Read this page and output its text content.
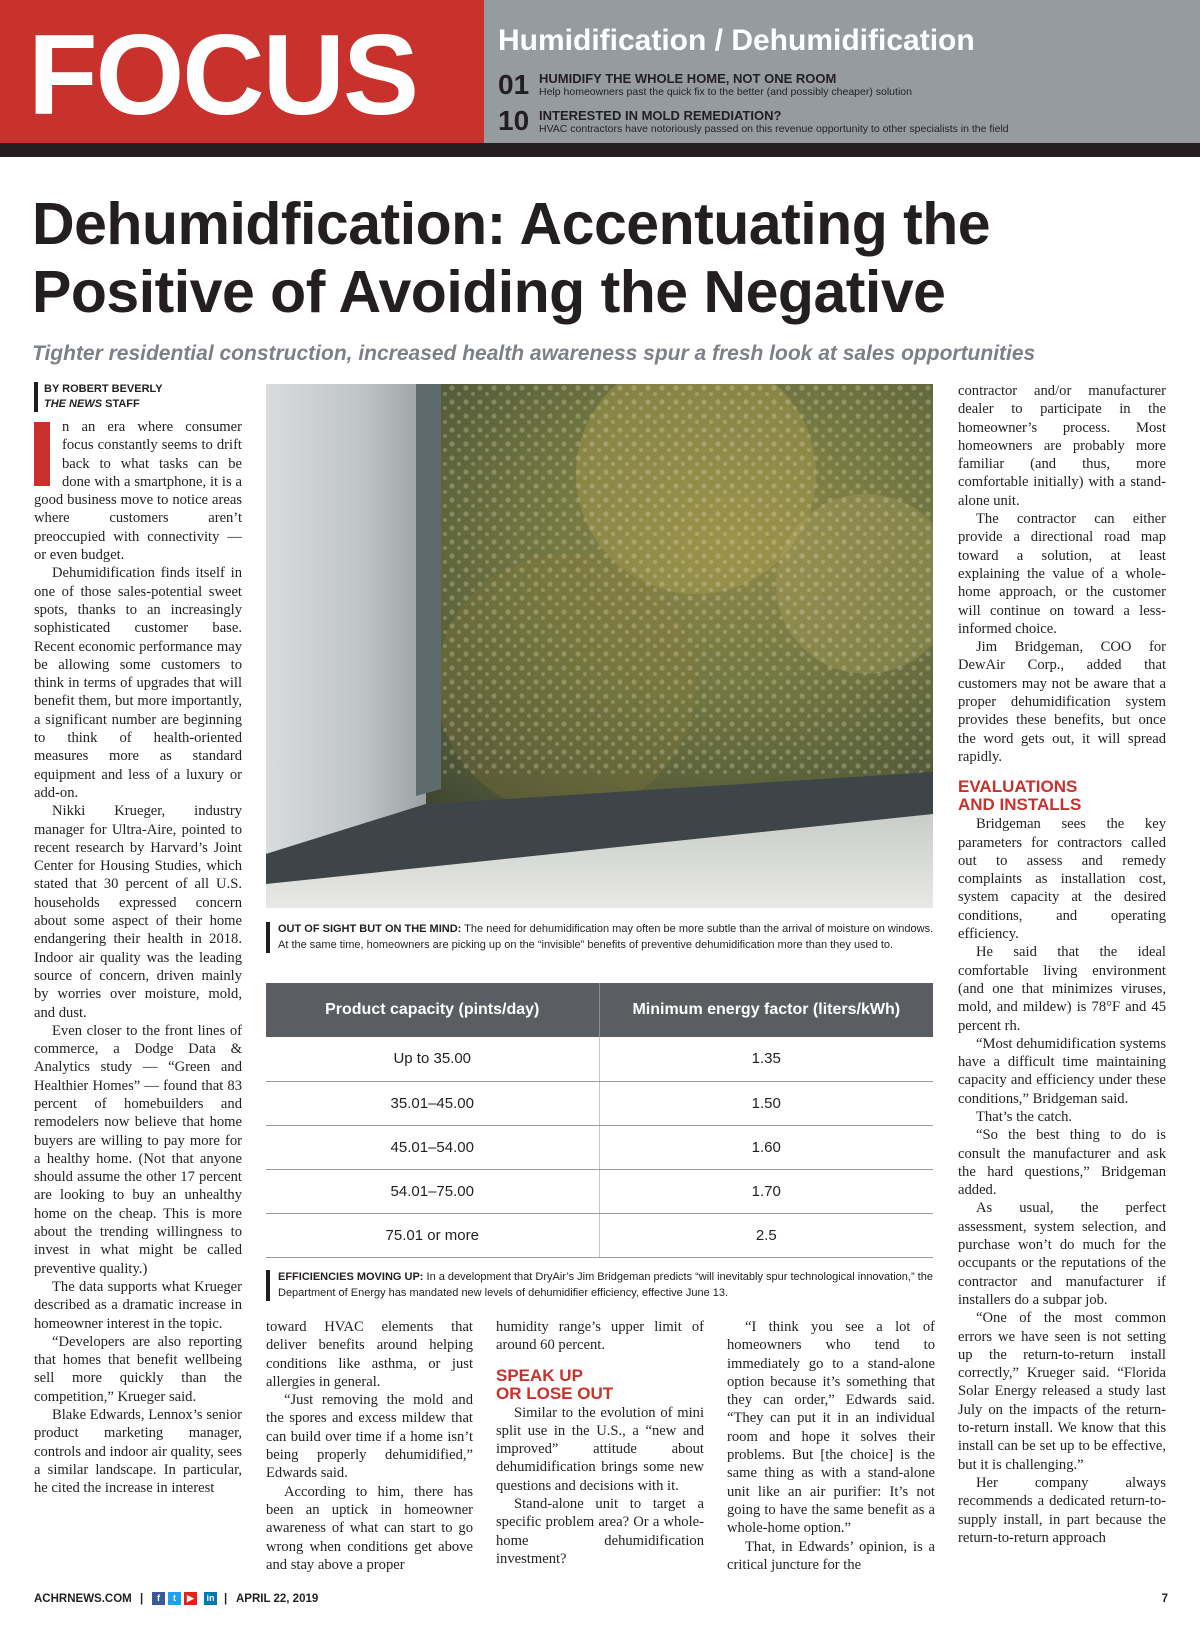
FOCUS	Humidification / Dehumidification
01 HUMIDIFY THE WHOLE HOME, NOT ONE ROOM
Help homeowners past the quick fix to the better (and possibly cheaper) solution
10 INTERESTED IN MOLD REMEDIATION?
HVAC contractors have notoriously passed on this revenue opportunity to other specialists in the field
Dehumidfication: Accentuating the
Positive of Avoiding the Negative
Tighter residential construction, increased health awareness spur a fresh look at sales opportunities
BY ROBERT BEVERLY
THE NEWS STAFF

n an era where consumer focus constantly seems to drift back to what tasks can be done with a smartphone, it is a good business move to notice areas where customers aren’t preoccupied with connectivity — or even budget.

Dehumidification finds itself in one of those sales-potential sweet spots, thanks to an increasingly sophisticated customer base. Recent economic performance may be allowing some customers to think in terms of upgrades that will benefit them, but more importantly, a significant number are beginning to think of health-oriented measures more as standard equipment and less of a luxury or add-on.

Nikki Krueger, industry manager for Ultra-Aire, pointed to recent research by Harvard’s Joint Center for Housing Studies, which stated that 30 percent of all U.S. households expressed concern about some aspect of their home endangering their health in 2018. Indoor air quality was the leading source of concern, driven mainly by worries over moisture, mold, and dust.

Even closer to the front lines of commerce, a Dodge Data & Analytics study — “Green and Healthier Homes” — found that 83 percent of homebuilders and remodelers now believe that home buyers are willing to pay more for a healthy home. (Not that anyone should assume the other 17 percent are looking to buy an unhealthy home on the cheap. This is more about the trending willingness to invest in what might be called preventive quality.)

The data supports what Krueger described as a dramatic increase in homeowner interest in the topic.

“Developers are also reporting that homes that benefit wellbeing sell more quickly than the competition,” Krueger said.

Blake Edwards, Lennox’s senior product marketing manager, controls and indoor air quality, sees a similar landscape. In particular, he cited the increase in interest

OUT OF SIGHT BUT ON THE MIND: The need for dehumidification may often be more subtle than the arrival of moisture on windows. At the same time, homeowners are picking up on the “invisible” benefits of preventive dehumidification more than they used to.
Product capacity (pints/day)	Minimum energy factor (liters/kWh)
Up to 35.00	1.35
35.01–45.00	1.50
45.01–54.00	1.60
54.01–75.00	1.70
75.01 or more	2.5
EFFICIENCIES MOVING UP: In a development that DryAir’s Jim Bridgeman predicts “will inevitably spur technological innovation,” the Department of Energy has mandated new levels of dehumidifier efficiency, effective June 13.

toward HVAC elements that deliver benefits around helping conditions like asthma, or just allergies in general.

“Just removing the mold and the spores and excess mildew that can build over time if a home isn’t being properly dehumidified,” Edwards said.

According to him, there has been an uptick in homeowner awareness of what can start to go wrong when conditions get above and stay above a proper

humidity range’s upper limit of around 60 percent.

SPEAK UP
OR LOSE OUT

Similar to the evolution of mini split use in the U.S., a “new and improved” attitude about dehumidification brings some new questions and decisions with it.

Stand-alone unit to target a specific problem area? Or a whole-home dehumidification investment?

“I think you see a lot of homeowners who tend to immediately go to a stand-alone option because it’s something that they can order,” Edwards said. “They can put it in an individual room and hope it solves their problems. But [the choice] is the same thing as with a stand-alone unit like an air purifier: It’s not going to have the same benefit as a whole-home option.”

That, in Edwards’ opinion, is a critical juncture for the

contractor and/or manufacturer dealer to participate in the homeowner’s process. Most homeowners are probably more familiar (and thus, more comfortable initially) with a stand-alone unit.

The contractor can either provide a directional road map toward a solution, at least explaining the value of a whole-home approach, or the customer will continue on toward a less-informed choice.

Jim Bridgeman, COO for DewAir Corp., added that customers may not be aware that a proper dehumidification system provides these benefits, but once the word gets out, it will spread rapidly.

EVALUATIONS
AND INSTALLS

Bridgeman sees the key parameters for contractors called out to assess and remedy complaints as installation cost, system capacity at the desired conditions, and operating efficiency.

He said that the ideal comfortable living environment (and one that minimizes viruses, mold, and mildew) is 78°F and 45 percent rh.

“Most dehumidification systems have a difficult time maintaining capacity and efficiency under these conditions,” Bridgeman said.

That’s the catch.

“So the best thing to do is consult the manufacturer and ask the hard questions,” Bridgeman added.

As usual, the perfect assessment, system selection, and purchase won’t do much for the occupants or the reputations of the contractor and manufacturer if installers do a subpar job.

“One of the most common errors we have seen is not setting up the return-to-return install correctly,” Krueger said. “Florida Solar Energy released a study last July on the impacts of the return-to-return install. We know that this install can be set up to be effective, but it is challenging.”

Her company always recommends a dedicated return-to-supply install, in part because the return-to-return approach

ACHRNEWS.COM |	f	t	▶	in | APRIL 22, 2019	7
